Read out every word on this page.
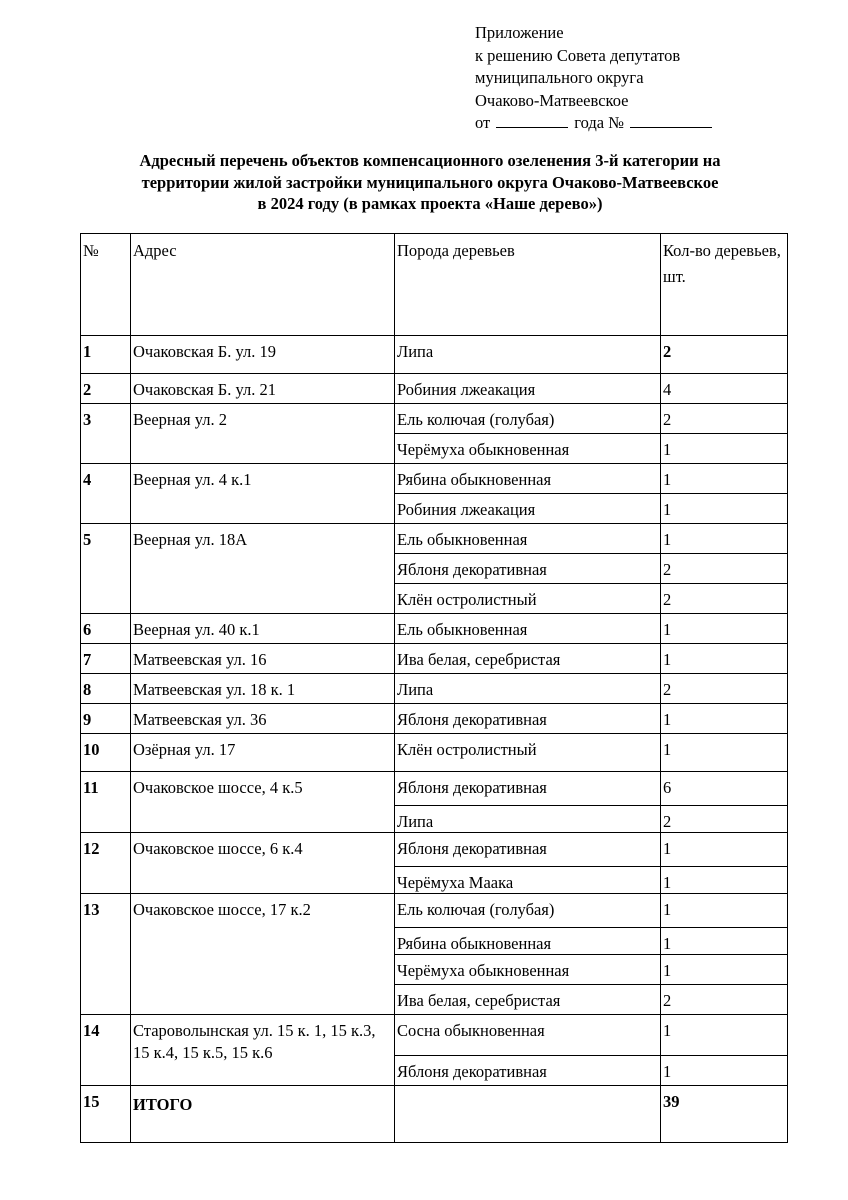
Приложение
к решению Совета депутатов
муниципального округа
Очаково-Матвеевское
от	года №
Адресный перечень объектов компенсационного озеленения 3-й категории на
территории жилой застройки муниципального округа Очаково-Матвеевское
в 2024 году (в рамках проекта «Наше дерево»)
№	Адрес	Порода деревьев	Кол-во деревьев, шт.

1	Очаковская Б. ул. 19	Липа	2

2	Очаковская Б. ул. 21	Робиния лжеакация	4

3	Веерная ул. 2	Ель колючая (голубая)	2

		Черёмуха обыкновенная	1

4	Веерная ул. 4 к.1	Рябина обыкновенная	1

		Робиния лжеакация	1

5	Веерная ул. 18А	Ель обыкновенная	1

		Яблоня декоративная	2

		Клён остролистный	2

6	Веерная ул. 40 к.1	Ель обыкновенная	1

7	Матвеевская ул. 16	Ива белая, серебристая	1

8	Матвеевская ул. 18 к. 1	Липа	2

9	Матвеевская ул. 36	Яблоня декоративная	1

10	Озёрная ул. 17	Клён остролистный	1

11	Очаковское шоссе, 4 к.5	Яблоня декоративная	6

		Липа	2

12	Очаковское шоссе, 6 к.4	Яблоня декоративная	1

		Черёмуха Маака	1

13	Очаковское шоссе, 17 к.2	Ель колючая (голубая)	1

		Рябина обыкновенная	1

		Черёмуха обыкновенная	1

		Ива белая, серебристая	2

14	Староволынская ул. 15 к. 1, 15 к.3, 15 к.4, 15 к.5, 15 к.6	Сосна обыкновенная	1

		Яблоня декоративная	1

15	ИТОГО		39
